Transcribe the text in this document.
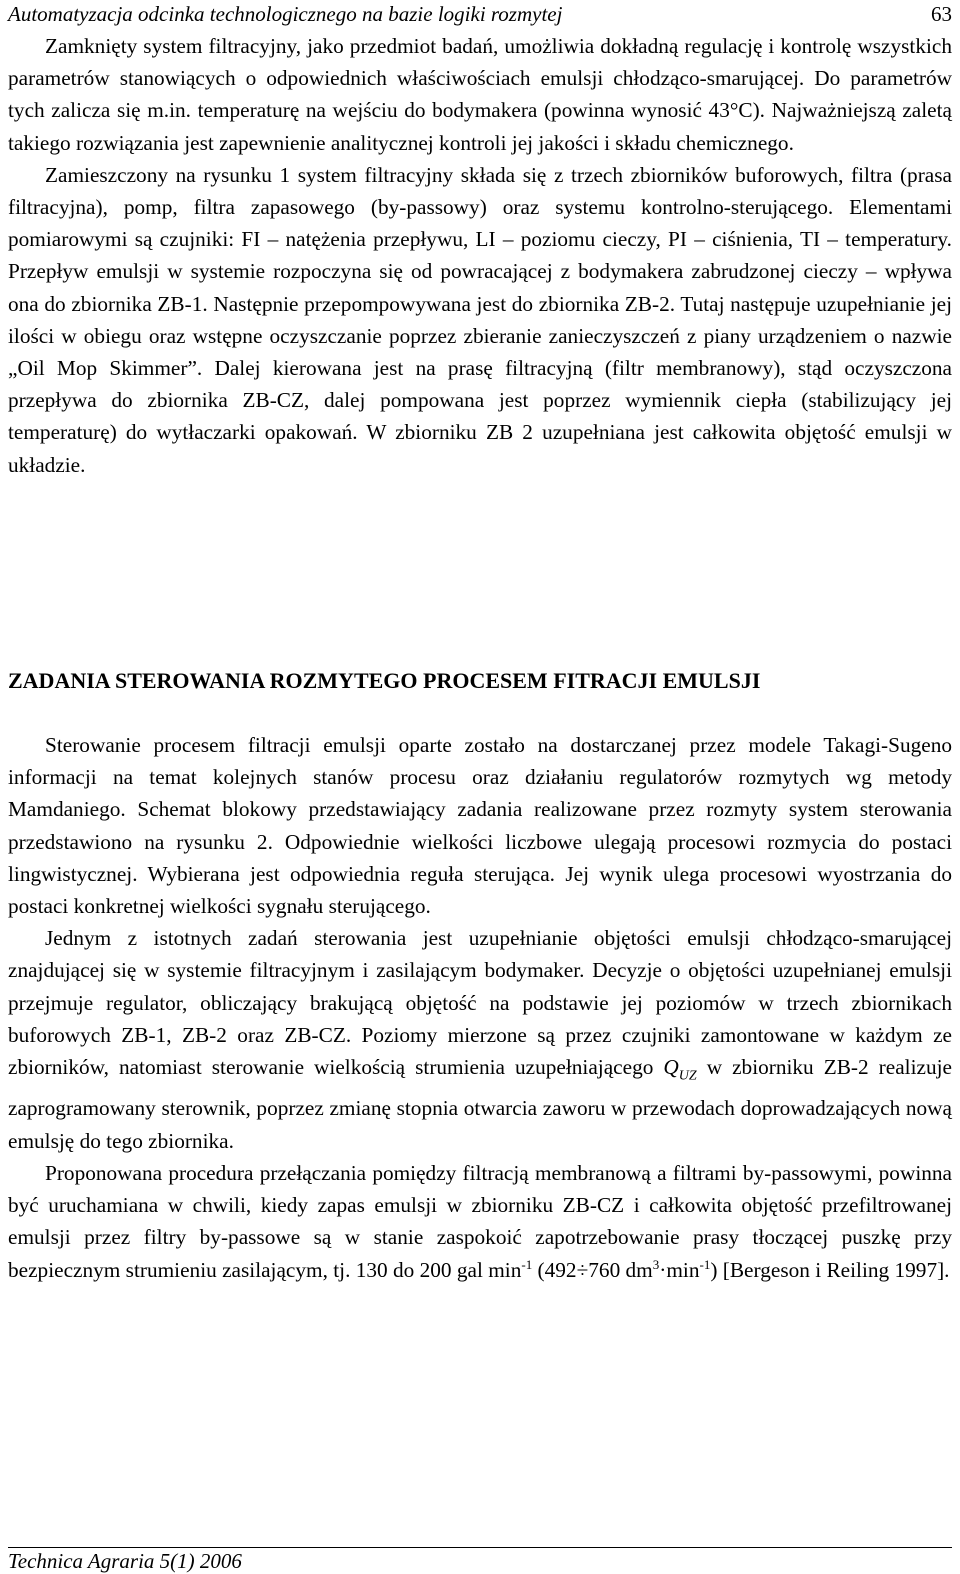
Automatyzacja odcinka technologicznego na bazie logiki rozmytej	63

Zamknięty system filtracyjny, jako przedmiot badań, umożliwia dokładną regulację i kontrolę wszystkich parametrów stanowiących o odpowiednich właściwościach emulsji chłodząco-smarującej. Do parametrów tych zalicza się m.in. temperaturę na wejściu do bodymakera (powinna wynosić 43°C). Najważniejszą zaletą takiego rozwiązania jest zapewnienie analitycznej kontroli jej jakości i składu chemicznego.

Zamieszczony na rysunku 1 system filtracyjny składa się z trzech zbiorników buforowych, filtra (prasa filtracyjna), pomp, filtra zapasowego (by-passowy) oraz systemu kontrolno-sterującego. Elementami pomiarowymi są czujniki: FI – natężenia przepływu, LI – poziomu cieczy, PI – ciśnienia, TI – temperatury. Przepływ emulsji w systemie rozpoczyna się od powracającej z bodymakera zabrudzonej cieczy – wpływa ona do zbiornika ZB-1. Następnie przepompowywana jest do zbiornika ZB-2. Tutaj następuje uzupełnianie jej ilości w obiegu oraz wstępne oczyszczanie poprzez zbieranie zanieczyszczeń z piany urządzeniem o nazwie „Oil Mop Skimmer”. Dalej kierowana jest na prasę filtracyjną (filtr membranowy), stąd oczyszczona przepływa do zbiornika ZB-CZ, dalej pompowana jest poprzez wymiennik ciepła (stabilizujący jej temperaturę) do wytłaczarki opakowań. W zbiorniku ZB 2 uzupełniana jest całkowita objętość emulsji w układzie.

ZADANIA STEROWANIA ROZMYTEGO PROCESEM FITRACJI EMULSJI

Sterowanie procesem filtracji emulsji oparte zostało na dostarczanej przez modele Takagi-Sugeno informacji na temat kolejnych stanów procesu oraz działaniu regulatorów rozmytych wg metody Mamdaniego. Schemat blokowy przedstawiający zadania realizowane przez rozmyty system sterowania przedstawiono na rysunku 2. Odpowiednie wielkości liczbowe ulegają procesowi rozmycia do postaci lingwistycznej. Wybierana jest odpowiednia reguła sterująca. Jej wynik ulega procesowi wyostrzania do postaci konkretnej wielkości sygnału sterującego.

Jednym z istotnych zadań sterowania jest uzupełnianie objętości emulsji chłodząco-smarującej znajdującej się w systemie filtracyjnym i zasilającym bodymaker. Decyzje o objętości uzupełnianej emulsji przejmuje regulator, obliczający brakującą objętość na podstawie jej poziomów w trzech zbiornikach buforowych ZB-1, ZB-2 oraz ZB-CZ. Poziomy mierzone są przez czujniki zamontowane w każdym ze zbiorników, natomiast sterowanie wielkością strumienia uzupełniającego $Q_{UZ}$ w zbiorniku ZB-2 realizuje zaprogramowany sterownik, poprzez zmianę stopnia otwarcia zaworu w przewodach doprowadzających nową emulsję do tego zbiornika.

Proponowana procedura przełączania pomiędzy filtracją membranową a filtrami by-passowymi, powinna być uruchamiana w chwili, kiedy zapas emulsji w zbiorniku ZB-CZ i całkowita objętość przefiltrowanej emulsji przez filtry by-passowe są w stanie zaspokoić zapotrzebowanie prasy tłoczącej puszkę przy bezpiecznym strumieniu zasilającym, tj. 130 do 200 gal $\min^{-1} (492\div 760$ $dm^3\cdot\min^{-1}$) [Bergeson i Reiling 1997].

Technica Agraria 5(1) 2006
